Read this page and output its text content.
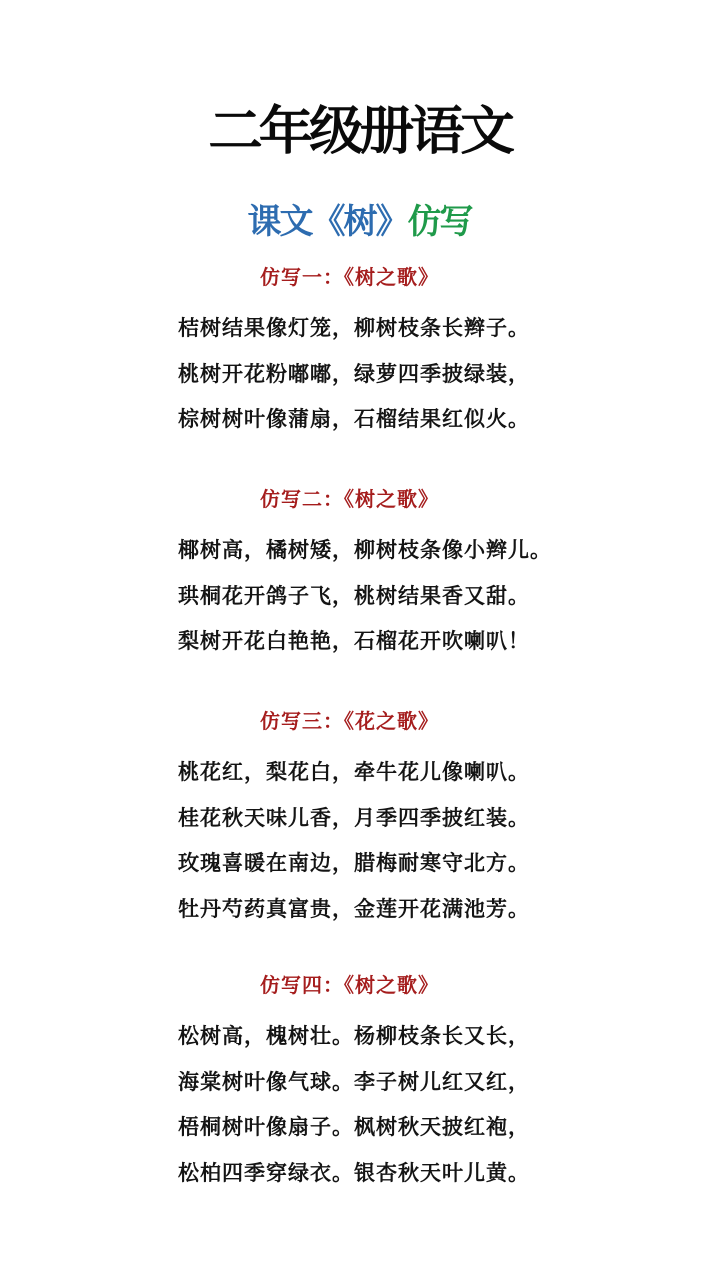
二年级册语文
课文《树》仿写
仿写一：《树之歌》
桔树结果像灯笼，柳树枝条长辫子。
桃树开花粉嘟嘟，绿萝四季披绿装，
棕树树叶像蒲扇，石榴结果红似火。
仿写二：《树之歌》
椰树高，橘树矮，柳树枝条像小辫儿。
珙桐花开鸽子飞，桃树结果香又甜。
梨树开花白艳艳，石榴花开吹喇叭！
仿写三：《花之歌》
桃花红，梨花白，牵牛花儿像喇叭。
桂花秋天味儿香，月季四季披红装。
玫瑰喜暖在南边，腊梅耐寒守北方。
牡丹芍药真富贵，金莲开花满池芳。
仿写四：《树之歌》
松树高，槐树壮。杨柳枝条长又长，
海棠树叶像气球。李子树儿红又红，
梧桐树叶像扇子。枫树秋天披红袍，
松柏四季穿绿衣。银杏秋天叶儿黄。
